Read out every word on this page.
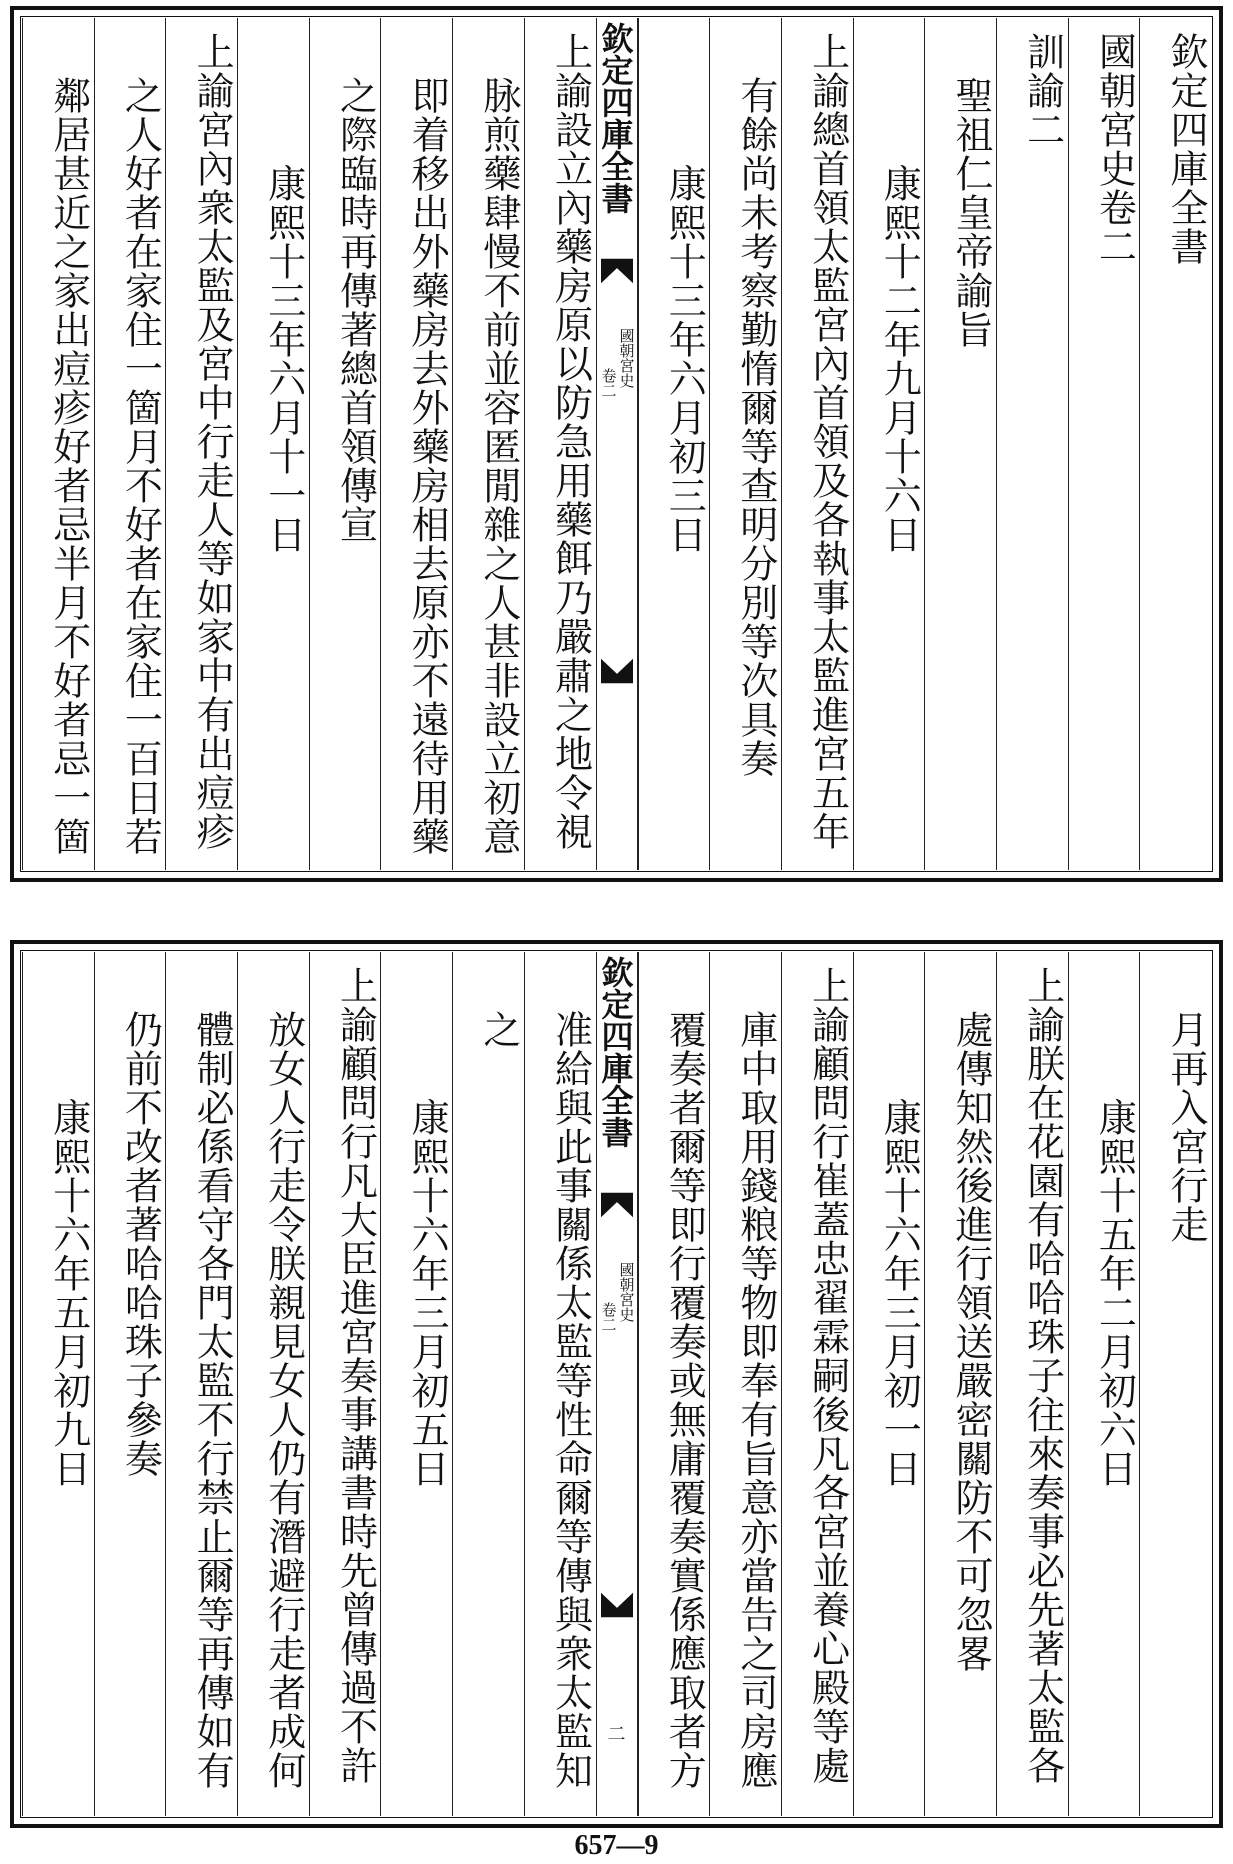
欽定四庫全書
國朝宮史卷二
訓諭二
聖祖仁皇帝諭旨
康熙十二年九月十六日
上諭總首領太監宮內首領及各執事太監進宮五年
有餘尚未考察勤惰爾等查明分別等次具奏
康熙十三年六月初三日
欽定四庫全書
國朝宮史
卷二
上諭設立內藥房原以防急用藥餌乃嚴肅之地令視
脉煎藥肆慢不前並容匿閒雜之人甚非設立初意
即着移出外藥房去外藥房相去原亦不遠待用藥
之際臨時再傳著總首領傳宣
康熙十三年六月十一日
上諭宮內衆太監及宮中行走人等如家中有出痘疹
之人好者在家住一箇月不好者在家住一百日若
鄰居甚近之家出痘疹好者忌半月不好者忌一箇
月再入宮行走
康熙十五年二月初六日
上諭朕在花園有哈哈珠子往來奏事必先著太監各
處傳知然後進行領送嚴密關防不可忽畧
康熙十六年三月初一日
上諭顧問行崔蓋忠翟霖嗣後凡各宮並養心殿等處
庫中取用錢粮等物即奉有旨意亦當告之司房應
覆奏者爾等即行覆奏或無庸覆奏實係應取者方
欽定四庫全書
國朝宮史
卷二
二
准給與此事關係太監等性命爾等傳與衆太監知
之
康熙十六年三月初五日
上諭顧問行凡大臣進宮奏事講書時先曾傳過不許
放女人行走令朕親見女人仍有潛避行走者成何
體制必係看守各門太監不行禁止爾等再傳如有
仍前不改者著哈哈珠子參奏
康熙十六年五月初九日
657—9
